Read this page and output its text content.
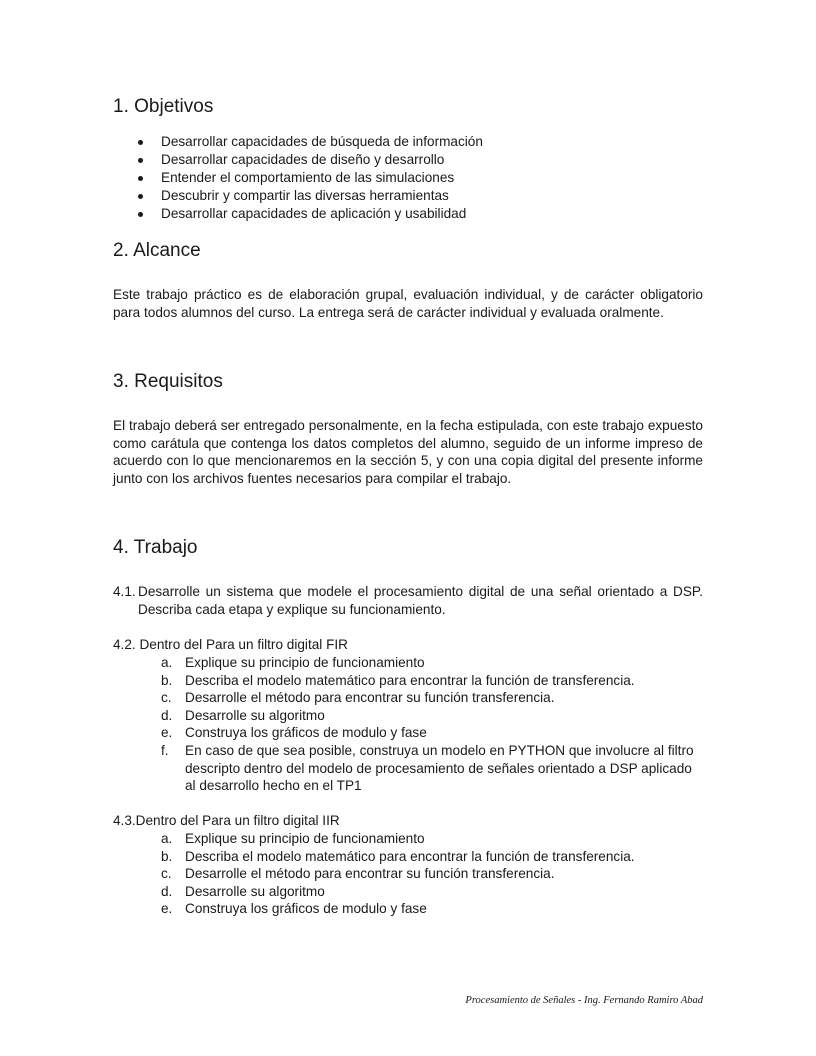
1. Objetivos
Desarrollar capacidades de búsqueda de información
Desarrollar capacidades de diseño y desarrollo
Entender el comportamiento de las simulaciones
Descubrir y compartir las diversas herramientas
Desarrollar capacidades de aplicación y usabilidad
2. Alcance

Este trabajo práctico es de elaboración grupal, evaluación individual, y de carácter obligatorio para todos alumnos del curso. La entrega será de carácter individual y evaluada oralmente.

3. Requisitos

El trabajo deberá ser entregado personalmente, en la fecha estipulada, con este trabajo expuesto como carátula que contenga los datos completos del alumno, seguido de un informe impreso de acuerdo con lo que mencionaremos en la sección 5, y con una copia digital del presente informe junto con los archivos fuentes necesarios para compilar el trabajo.

4. Trabajo
4.1. Desarrolle un sistema que modele el procesamiento digital de una señal orientado a DSP. Describa cada etapa y explique su funcionamiento.
4.2. Dentro del Para un filtro digital FIR
a. Explique su principio de funcionamiento
b. Describa el modelo matemático para encontrar la función de transferencia.
c. Desarrolle el método para encontrar su función transferencia.
d. Desarrolle su algoritmo
e. Construya los gráficos de modulo y fase
f. En caso de que sea posible, construya un modelo en PYTHON que involucre al filtro descripto dentro del modelo de procesamiento de señales orientado a DSP aplicado al desarrollo hecho en el TP1
4.3.Dentro del Para un filtro digital IIR
a. Explique su principio de funcionamiento
b. Describa el modelo matemático para encontrar la función de transferencia.
c. Desarrolle el método para encontrar su función transferencia.
d. Desarrolle su algoritmo
e. Construya los gráficos de modulo y fase
Procesamiento de Señales - Ing. Fernando Ramiro Abad
